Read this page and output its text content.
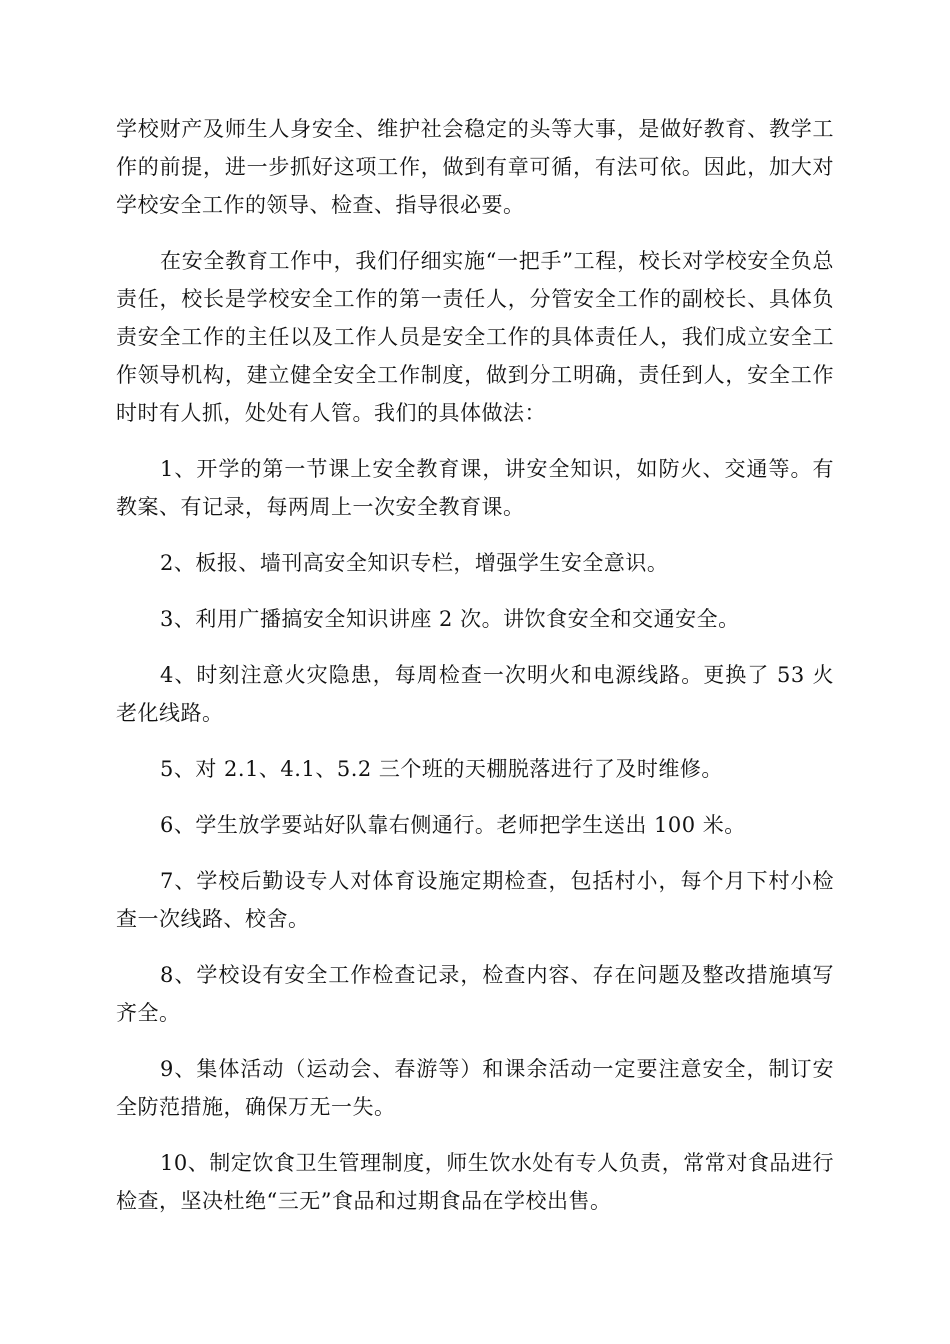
学校财产及师生人身安全、维护社会稳定的头等大事，是做好教育、教学工作的前提，进一步抓好这项工作，做到有章可循，有法可依。因此，加大对学校安全工作的领导、检查、指导很必要。

在安全教育工作中，我们仔细实施“一把手”工程，校长对学校安全负总责任，校长是学校安全工作的第一责任人，分管安全工作的副校长、具体负责安全工作的主任以及工作人员是安全工作的具体责任人，我们成立安全工作领导机构，建立健全安全工作制度，做到分工明确，责任到人，安全工作时时有人抓，处处有人管。我们的具体做法：

1、开学的第一节课上安全教育课，讲安全知识，如防火、交通等。有教案、有记录，每两周上一次安全教育课。

2、板报、墙刊高安全知识专栏，增强学生安全意识。

3、利用广播搞安全知识讲座 2 次。讲饮食安全和交通安全。

4、时刻注意火灾隐患，每周检查一次明火和电源线路。更换了 53 火老化线路。

5、对 2.1、4.1、5.2 三个班的天棚脱落进行了及时维修。

6、学生放学要站好队靠右侧通行。老师把学生送出 100 米。

7、学校后勤设专人对体育设施定期检查，包括村小，每个月下村小检查一次线路、校舍。

8、学校设有安全工作检查记录，检查内容、存在问题及整改措施填写齐全。

9、集体活动（运动会、春游等）和课余活动一定要注意安全，制订安全防范措施，确保万无一失。

10、制定饮食卫生管理制度，师生饮水处有专人负责，常常对食品进行检查，坚决杜绝“三无”食品和过期食品在学校出售。
